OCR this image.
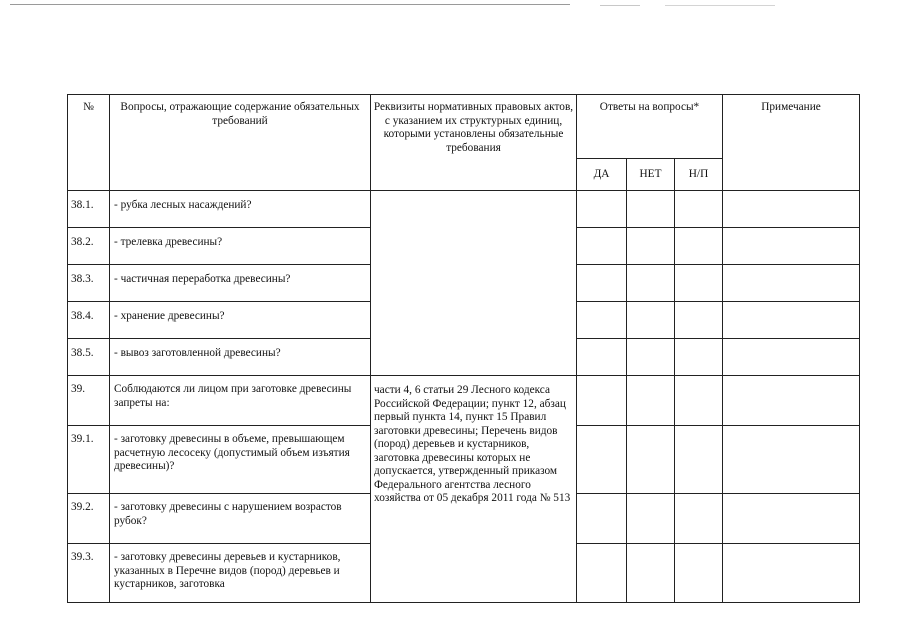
№	Вопросы, отражающие содержание обязательных требований	Реквизиты нормативных правовых актов, с указанием их структурных единиц, которыми установлены обязательные требования	Ответы на вопросы*			Примечание
			ДА	НЕТ	Н/П	
38.1.	- рубка лесных насаждений?					
38.2.	- трелевка древесины?					
38.3.	- частичная переработка древесины?					
38.4.	- хранение древесины?					
38.5.	- вывоз заготовленной древесины?					
39.	Соблюдаются ли лицом при заготовке древесины запреты на:	части 4, 6 статьи 29 Лесного кодекса Российской Федерации; пункт 12, абзац первый пункта 14, пункт 15 Правил заготовки древесины; Перечень видов (пород) деревьев и кустарников, заготовка древесины которых не допускается, утвержденный приказом Федерального агентства лесного хозяйства от 05 декабря 2011 года № 513				
39.1.	- заготовку древесины в объеме, превышающем расчетную лесосеку (допустимый объем изъятия древесины)?					
39.2.	- заготовку древесины с нарушением возрастов рубок?					
39.3.	- заготовку древесины деревьев и кустарников, указанных в Перечне видов (пород) деревьев и кустарников, заготовка					
